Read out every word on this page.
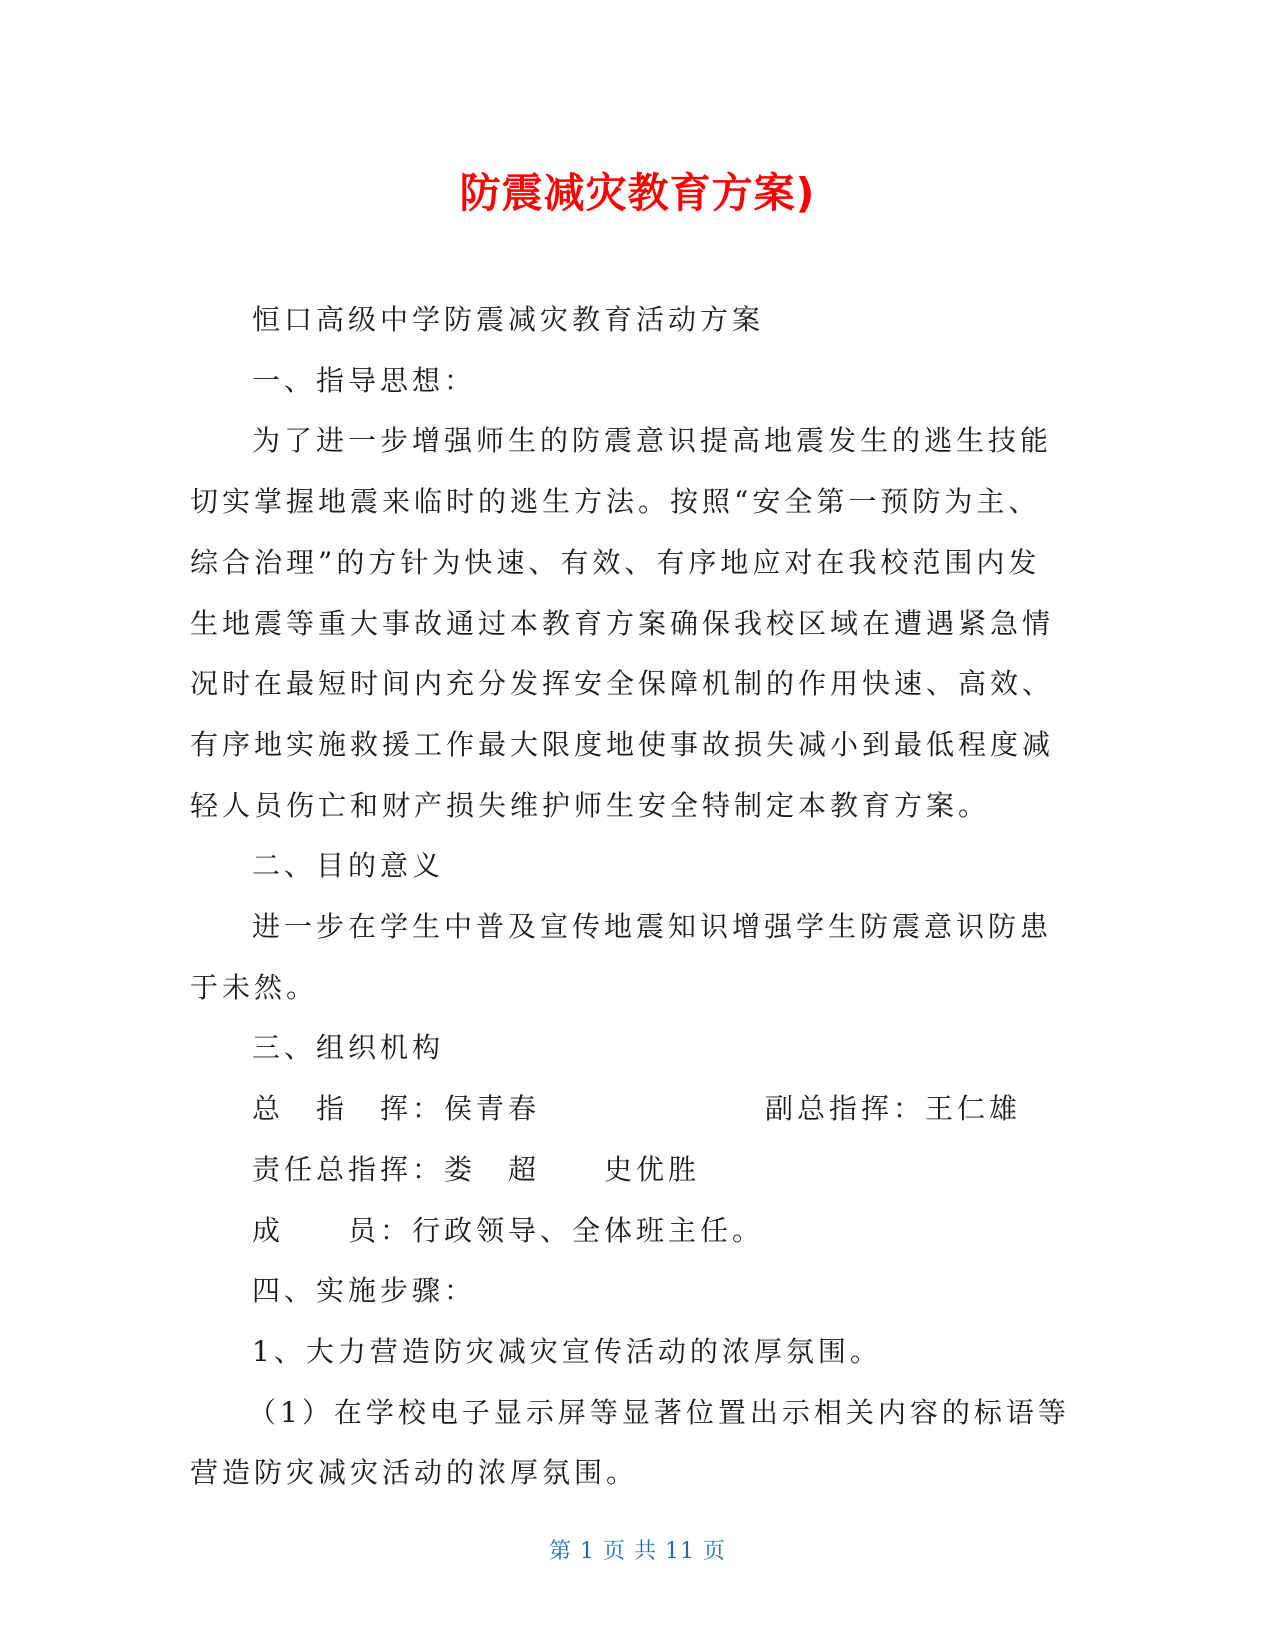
防震减灾教育方案)

恒口高级中学防震减灾教育活动方案

一、指导思想：

为了进一步增强师生的防震意识提高地震发生的逃生技能切实掌握地震来临时的逃生方法。按照“安全第一预防为主、综合治理”的方针为快速、有效、有序地应对在我校范围内发生地震等重大事故通过本教育方案确保我校区域在遭遇紧急情况时在最短时间内充分发挥安全保障机制的作用快速、高效、有序地实施救援工作最大限度地使事故损失减小到最低程度减轻人员伤亡和财产损失维护师生安全特制定本教育方案。

二、目的意义

进一步在学生中普及宣传地震知识增强学生防震意识防患于未然。

三、组织机构

总　指　挥：侯青春	副总指挥：王仁雄
责任总指挥：娄　超　　史优胜
成　　员：行政领导、全体班主任。

四、实施步骤：

1、大力营造防灾减灾宣传活动的浓厚氛围。

（1）在学校电子显示屏等显著位置出示相关内容的标语等营造防灾减灾活动的浓厚氛围。

第 1 页 共 11 页
